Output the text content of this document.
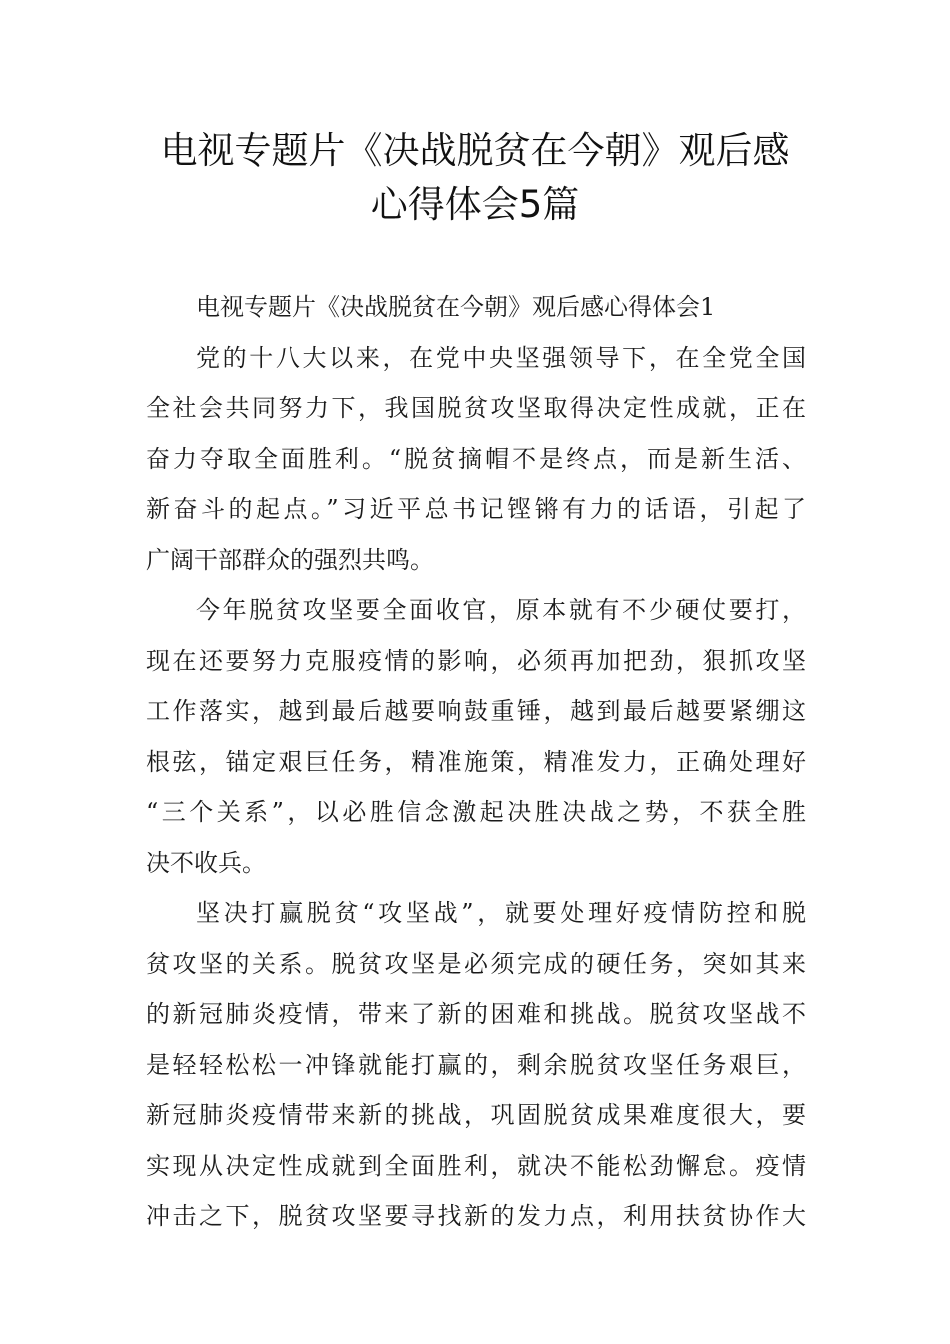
电视专题片《决战脱贫在今朝》观后感
心得体会5篇
电视专题片《决战脱贫在今朝》观后感心得体会1
党的十八大以来，在党中央坚强领导下，在全党全国
全社会共同努力下，我国脱贫攻坚取得决定性成就，正在
奋力夺取全面胜利。“脱贫摘帽不是终点，而是新生活、
新奋斗的起点。”习近平总书记铿锵有力的话语，引起了
广阔干部群众的强烈共鸣。
今年脱贫攻坚要全面收官，原本就有不少硬仗要打，
现在还要努力克服疫情的影响，必须再加把劲，狠抓攻坚
工作落实，越到最后越要响鼓重锤，越到最后越要紧绷这
根弦，锚定艰巨任务，精准施策，精准发力，正确处理好
“三个关系”，以必胜信念激起决胜决战之势，不获全胜
决不收兵。
坚决打赢脱贫“攻坚战”，就要处理好疫情防控和脱
贫攻坚的关系。脱贫攻坚是必须完成的硬任务，突如其来
的新冠肺炎疫情，带来了新的困难和挑战。脱贫攻坚战不
是轻轻松松一冲锋就能打赢的，剩余脱贫攻坚任务艰巨，
新冠肺炎疫情带来新的挑战，巩固脱贫成果难度很大，要
实现从决定性成就到全面胜利，就决不能松劲懈怠。疫情
冲击之下，脱贫攻坚要寻找新的发力点，利用扶贫协作大
